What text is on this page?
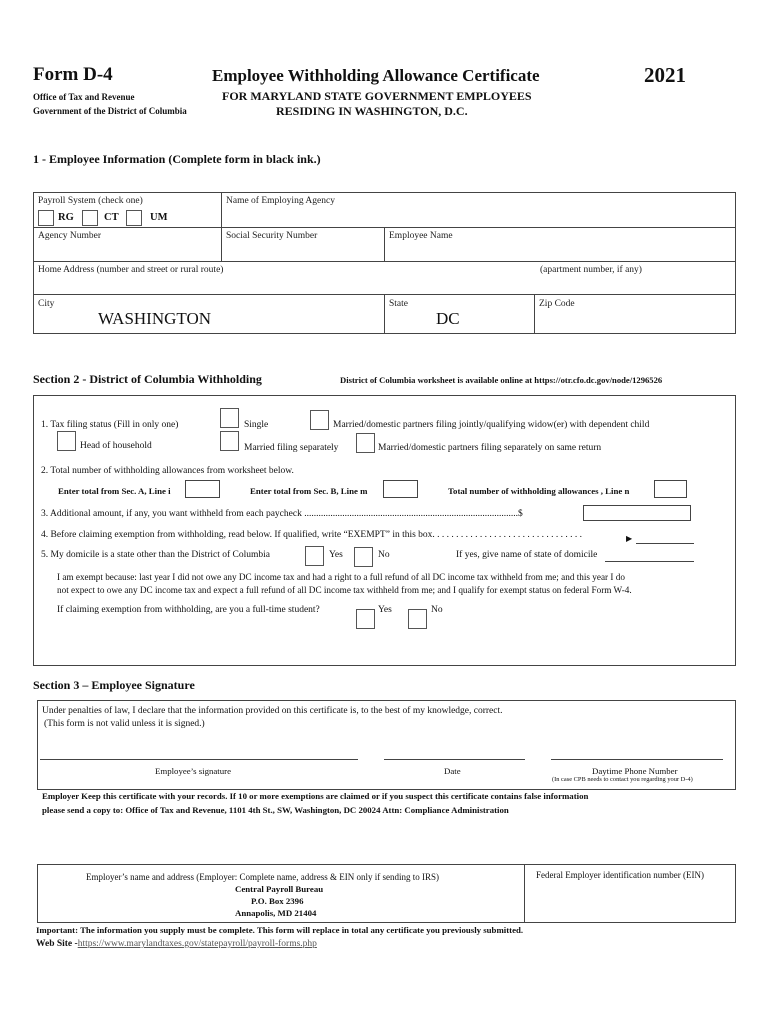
Form D-4
Office of Tax and Revenue
Government of the District of Columbia
Employee Withholding Allowance Certificate
FOR MARYLAND STATE GOVERNMENT EMPLOYEES
RESIDING IN WASHINGTON, D.C.
2021
1 - Employee Information (Complete form in black ink.)
Payroll System (check one)
RG	CT	UM
Name of Employing Agency
Agency Number	Social Security Number	Employee Name
Home Address (number and street or rural route)	(apartment number, if any)
City
WASHINGTON
State
DC
Zip Code
Section 2 - District of Columbia Withholding	District of Columbia worksheet is available online at https://otr.cfo.dc.gov/node/1296526
1. Tax filing status (Fill in only one)	Single	Married/domestic partners filing jointly/qualifying widow(er) with dependent child
Head of household	Married filing separately	Married/domestic partners filing separately on same return
2. Total number of withholding allowances from worksheet below.
Enter total from Sec. A, Line i	Enter total from Sec. B, Line m	Total number of withholding allowances , Line n
3. Additional amount, if any, you want withheld from each paycheck ..........................................................................................$
4. Before claiming exemption from withholding, read below. If qualified, write “EXEMPT” in this box. . . . . . . . . . . . . . . . . . . . . . . . . . . . . . . .	▶
5. My domicile is a state other than the District of Columbia	Yes	No	If yes, give name of state of domicile
I am exempt because: last year I did not owe any DC income tax and had a right to a full refund of all DC income tax withheld from me; and this year I do
not expect to owe any DC income tax and expect a full refund of all DC income tax withheld from me; and I qualify for exempt status on federal Form W-4.
If claiming exemption from withholding, are you a full-time student?	Yes	No
Section 3 – Employee Signature
Under penalties of law, I declare that the information provided on this certificate is, to the best of my knowledge, correct.
(This form is not valid unless it is signed.)
Employee’s signature	Date	Daytime Phone Number
(In case CPB needs to contact you regarding your D-4)
Employer Keep this certificate with your records. If 10 or more exemptions are claimed or if you suspect this certificate contains false information
please send a copy to: Office of Tax and Revenue, 1101 4th St., SW, Washington, DC 20024 Attn: Compliance Administration
Employer’s name and address (Employer: Complete name, address & EIN only if sending to IRS)
Central Payroll Bureau
P.O. Box 2396
Annapolis, MD 21404
Federal Employer identification number (EIN)
Important: The information you supply must be complete. This form will replace in total any certificate you previously submitted.
Web Site -https://www.marylandtaxes.gov/statepayroll/payroll-forms.php
